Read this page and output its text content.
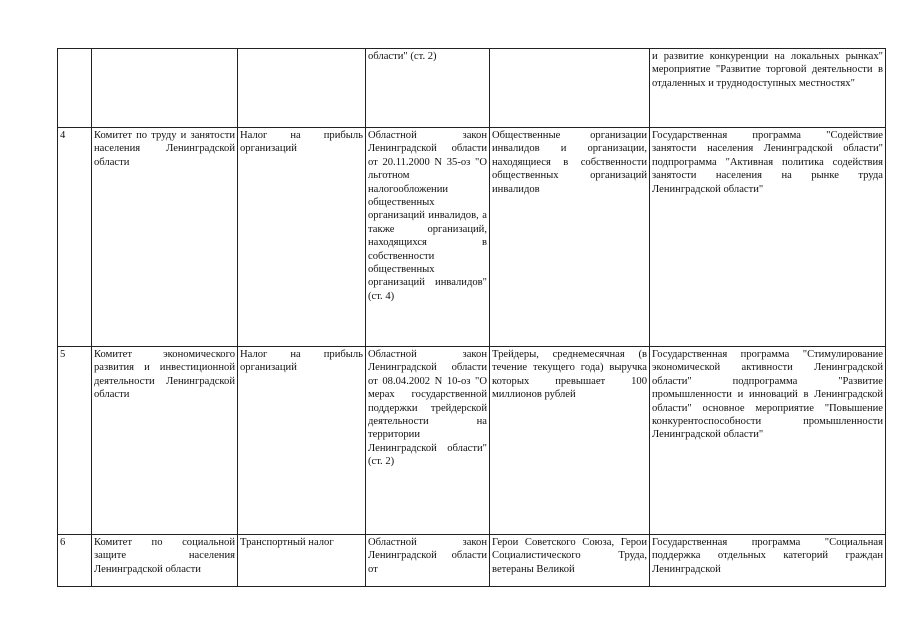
			области" (ст. 2)		и развитие конкуренции на локальных рынках" мероприятие "Развитие торговой деятельности в отдаленных и труднодоступных местностях"
4	Комитет по труду и занятости населения Ленинградской области	Налог на прибыль организаций	Областной закон Ленинградской области от 20.11.2000 N 35-оз "О льготном налогообложении общественных организаций инвалидов, а также организаций, находящихся в собственности общественных организаций инвалидов" (ст. 4)	Общественные организации инвалидов и организации, находящиеся в собственности общественных организаций инвалидов	Государственная программа "Содействие занятости населения Ленинградской области" подпрограмма "Активная политика содействия занятости населения на рынке труда Ленинградской области"
5	Комитет экономического развития и инвестиционной деятельности Ленинградской области	Налог на прибыль организаций	Областной закон Ленинградской области от 08.04.2002 N 10-оз "О мерах государственной поддержки трейдерской деятельности на территории Ленинградской области" (ст. 2)	Трейдеры, среднемесячная (в течение текущего года) выручка которых превышает 100 миллионов рублей	Государственная программа "Стимулирование экономической активности Ленинградской области" подпрограмма "Развитие промышленности и инноваций в Ленинградской области" основное мероприятие "Повышение конкурентоспособности промышленности Ленинградской области"
6	Комитет по социальной защите населения Ленинградской области	Транспортный налог	Областной закон Ленинградской области от	Герои Советского Союза, Герои Социалистического Труда, ветераны Великой	Государственная программа "Социальная поддержка отдельных категорий граждан Ленинградской
